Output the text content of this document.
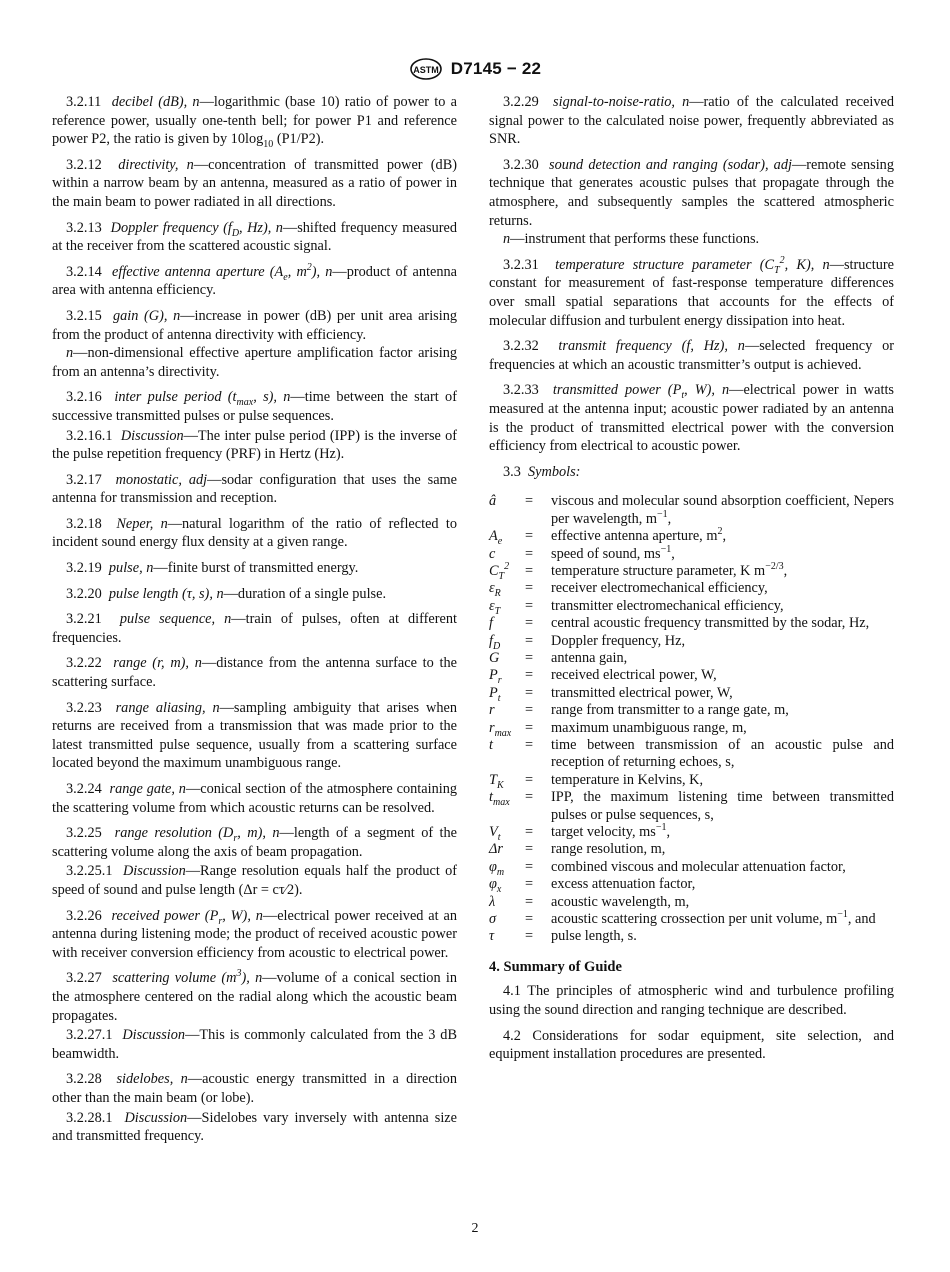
ASTM D7145 − 22

3.2.11 decibel (dB), n—logarithmic (base 10) ratio of power to a reference power, usually one-tenth bell; for power P1 and reference power P2, the ratio is given by $10\log_{10}$ (P1/P2).

3.2.12 directivity, n—concentration of transmitted power (dB) within a narrow beam by an antenna, measured as a ratio of power in the main beam to power radiated in all directions.

3.2.13 Doppler frequency ($f_D$, Hz), n—shifted frequency measured at the receiver from the scattered acoustic signal.

3.2.14 effective antenna aperture ($A_e$, $m^2$), n—product of antenna area with antenna efficiency.

3.2.15 gain (G), n—increase in power (dB) per unit area arising from the product of antenna directivity with efficiency.

n—non-dimensional effective aperture amplification factor arising from an antenna’s directivity.

3.2.16 inter pulse period ($t_{max}$, s), n—time between the start of successive transmitted pulses or pulse sequences.

3.2.16.1 Discussion—The inter pulse period (IPP) is the inverse of the pulse repetition frequency (PRF) in Hertz (Hz).

3.2.17 monostatic, adj—sodar configuration that uses the same antenna for transmission and reception.

3.2.18 Neper, n—natural logarithm of the ratio of reflected to incident sound energy flux density at a given range.

3.2.19 pulse, n—finite burst of transmitted energy.

3.2.20 pulse length (τ, s), n—duration of a single pulse.

3.2.21 pulse sequence, n—train of pulses, often at different frequencies.

3.2.22 range (r, m), n—distance from the antenna surface to the scattering surface.

3.2.23 range aliasing, n—sampling ambiguity that arises when returns are received from a transmission that was made prior to the latest transmitted pulse sequence, usually from a scattering surface located beyond the maximum unambiguous range.

3.2.24 range gate, n—conical section of the atmosphere containing the scattering volume from which acoustic returns can be resolved.

3.2.25 range resolution ($D_r$, m), n—length of a segment of the scattering volume along the axis of beam propagation.

3.2.25.1 Discussion—Range resolution equals half the product of speed of sound and pulse length (Δr = cτ⁄2).

3.2.26 received power ($P_r$, W), n—electrical power received at an antenna during listening mode; the product of received acoustic power with receiver conversion efficiency from acoustic to electrical power.

3.2.27 scattering volume $(m^3)$, n—volume of a conical section in the atmosphere centered on the radial along which the acoustic beam propagates.

3.2.27.1 Discussion—This is commonly calculated from the 3 dB beamwidth.

3.2.28 sidelobes, n—acoustic energy transmitted in a direction other than the main beam (or lobe).

3.2.28.1 Discussion—Sidelobes vary inversely with antenna size and transmitted frequency.

3.2.29 signal-to-noise-ratio, n—ratio of the calculated received signal power to the calculated noise power, frequently abbreviated as SNR.

3.2.30 sound detection and ranging (sodar), adj—remote sensing technique that generates acoustic pulses that propagate through the atmosphere, and subsequently samples the scattered atmospheric returns.

n—instrument that performs these functions.

3.2.31 temperature structure parameter ($C_T^2$, K), n—structure constant for measurement of fast-response temperature differences over small spatial separations that accounts for the effects of molecular diffusion and turbulent energy dissipation into heat.

3.2.32 transmit frequency (f, Hz), n—selected frequency or frequencies at which an acoustic transmitter’s output is achieved.

3.2.33 transmitted power ($P_t$, W), n—electrical power in watts measured at the antenna input; acoustic power radiated by an antenna is the product of transmitted electrical power with the conversion efficiency from electrical to acoustic power.

3.3 Symbols:

â	=	viscous and molecular sound absorption coefficient, Nepers per wavelength, $m^{-1}$,
$A_e$	=	effective antenna aperture, $m^2$,
c	=	speed of sound, $ms^{-1}$,
$C_T^2$	=	temperature structure parameter, K $m^{-2/3}$,
$\varepsilon_R$	=	receiver electromechanical efficiency,
$\varepsilon_T$	=	transmitter electromechanical efficiency,
f	=	central acoustic frequency transmitted by the sodar, Hz,
$f_D$	=	Doppler frequency, Hz,
G	=	antenna gain,
$P_r$	=	received electrical power, W,
$P_t$	=	transmitted electrical power, W,
r	=	range from transmitter to a range gate, m,
$r_{max}$ =	maximum unambiguous range, m,
t	=	time between transmission of an acoustic pulse and reception of returning echoes, s,
$T_K$	=	temperature in Kelvins, K,
$t_{max}$	=	IPP, the maximum listening time between transmitted pulses or pulse sequences, s,
$V_t$	=	target velocity, $ms^{-1}$,
Δr	=	range resolution, m,
$\varphi_m$	=	combined viscous and molecular attenuation factor,
$\varphi_x$	=	excess attenuation factor,
λ	=	acoustic wavelength, m,
σ	=	acoustic scattering crossection per unit volume, $m^{-1}$, and
τ	=	pulse length, s.
4. Summary of Guide

4.1 The principles of atmospheric wind and turbulence profiling using the sound direction and ranging technique are described.

4.2 Considerations for sodar equipment, site selection, and equipment installation procedures are presented.

2
